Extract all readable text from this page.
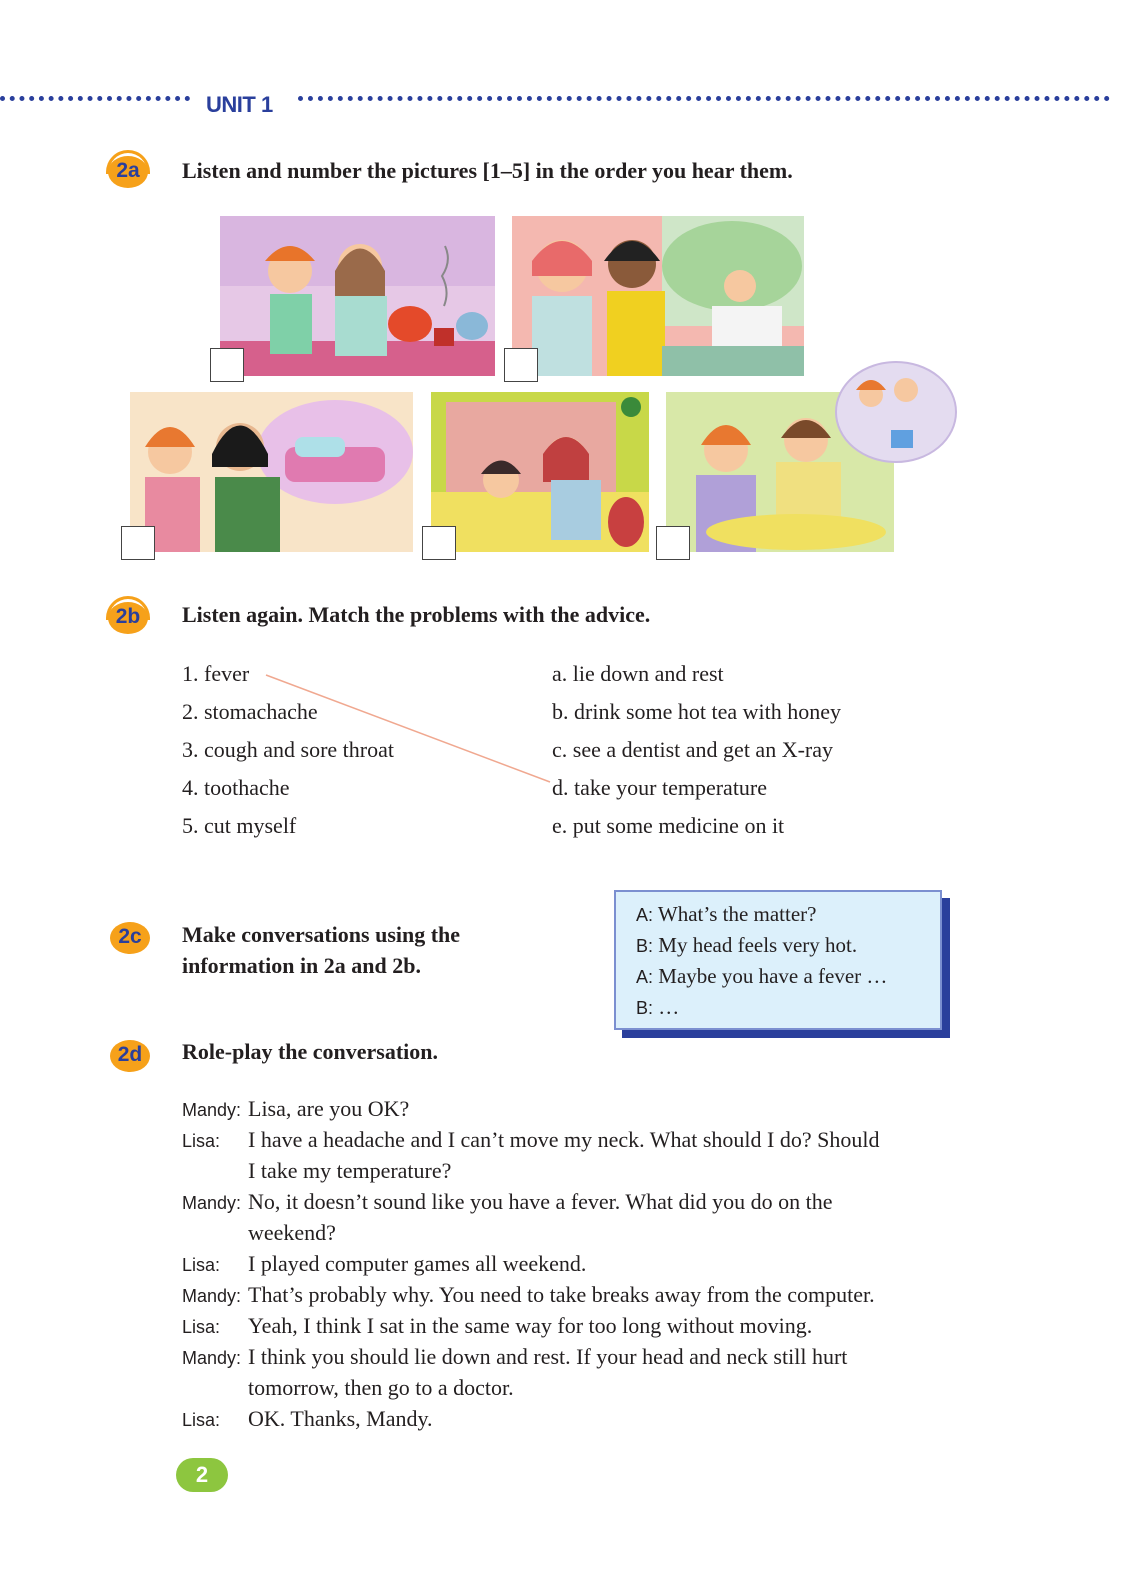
UNIT 1
2a	Listen and number the pictures [1–5] in the order you hear them.
2b	Listen again. Match the problems with the advice.
1. fever
2. stomachache
3. cough and sore throat
4. toothache
5. cut myself
a. lie down and rest
b. drink some hot tea with honey
c. see a dentist and get an X-ray
d. take your temperature
e. put some medicine on it
2c	Make conversations using the
information in 2a and 2b.
A: What’s the matter?
B: My head feels very hot.
A: Maybe you have a fever …
B: …
2d	Role-play the conversation.
Mandy: Lisa, are you OK?
Lisa: I have a headache and I can’t move my neck. What should I do? Should
I take my temperature?
Mandy: No, it doesn’t sound like you have a fever. What did you do on the
weekend?
Lisa: I played computer games all weekend.
Mandy: That’s probably why. You need to take breaks away from the computer.
Lisa: Yeah, I think I sat in the same way for too long without moving.
Mandy: I think you should lie down and rest. If your head and neck still hurt
tomorrow, then go to a doctor.
Lisa: OK. Thanks, Mandy.
2
